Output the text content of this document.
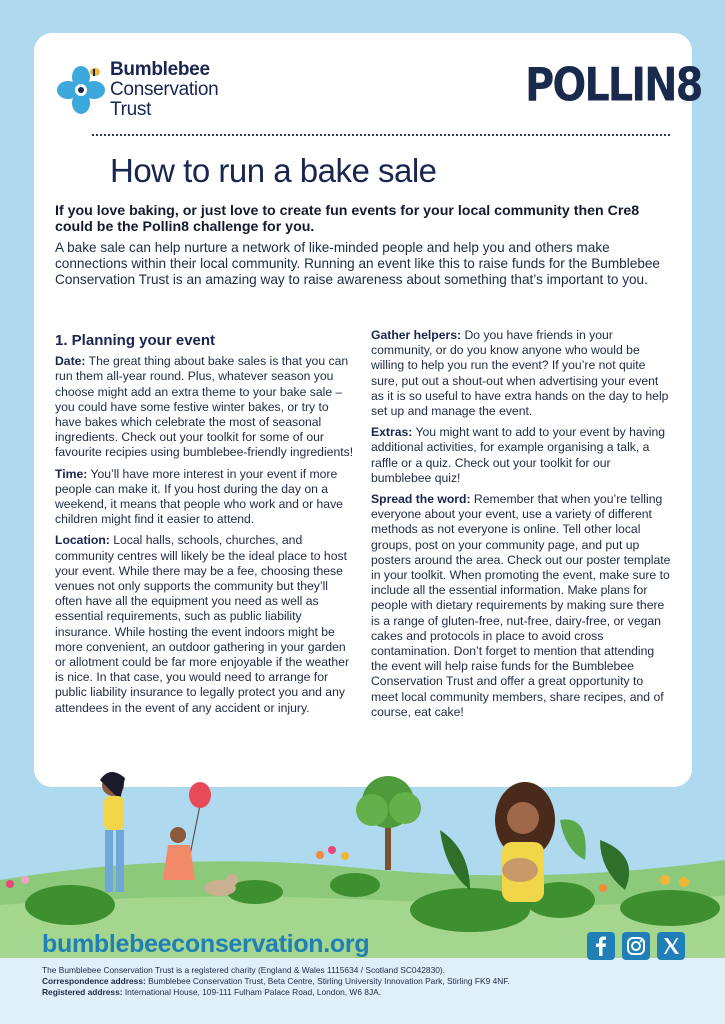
Bumblebee
Conservation
Trust	POLLIN8
How to run a bake sale

If you love baking, or just love to create fun events for your local community then Cre8 could be the Pollin8 challenge for you.

A bake sale can help nurture a network of like-minded people and help you and others make connections within their local community. Running an event like this to raise funds for the Bumblebee Conservation Trust is an amazing way to raise awareness about something that’s important to you.

1. Planning your event

Date: The great thing about bake sales is that you can run them all-year round. Plus, whatever season you choose might add an extra theme to your bake sale – you could have some festive winter bakes, or try to have bakes which celebrate the most of seasonal ingredients. Check out your toolkit for some of our favourite recipies using bumblebee-friendly ingredients!

Time: You’ll have more interest in your event if more people can make it. If you host during the day on a weekend, it means that people who work and or have children might find it easier to attend.

Location: Local halls, schools, churches, and community centres will likely be the ideal place to host your event. While there may be a fee, choosing these venues not only supports the community but they’ll often have all the equipment you need as well as essential requirements, such as public liability insurance. While hosting the event indoors might be more convenient, an outdoor gathering in your garden or allotment could be far more enjoyable if the weather is nice. In that case, you would need to arrange for public liability insurance to legally protect you and any attendees in the event of any accident or injury.

Gather helpers: Do you have friends in your community, or do you know anyone who would be willing to help you run the event? If you’re not quite sure, put out a shout-out when advertising your event as it is so useful to have extra hands on the day to help set up and manage the event.

Extras: You might want to add to your event by having additional activities, for example organising a talk, a raffle or a quiz. Check out your toolkit for our bumblebee quiz!

Spread the word: Remember that when you’re telling everyone about your event, use a variety of different methods as not everyone is online. Tell other local groups, post on your community page, and put up posters around the area. Check out our poster template in your toolkit. When promoting the event, make sure to include all the essential information. Make plans for people with dietary requirements by making sure there is a range of gluten-free, nut-free, dairy-free, or vegan cakes and protocols in place to avoid cross contamination. Don’t forget to mention that attending the event will help raise funds for the Bumblebee Conservation Trust and offer a great opportunity to meet local community members, share recipes, and of course, eat cake!

bumblebeeconservation.org

The Bumblebee Conservation Trust is a registered charity (England & Wales 1115634 / Scotland SC042830).

Correspondence address: Bumblebee Conservation Trust, Beta Centre, Stirling University Innovation Park, Stirling FK9 4NF.

Registered address: International House, 109-111 Fulham Palace Road, London, W6 8JA.
